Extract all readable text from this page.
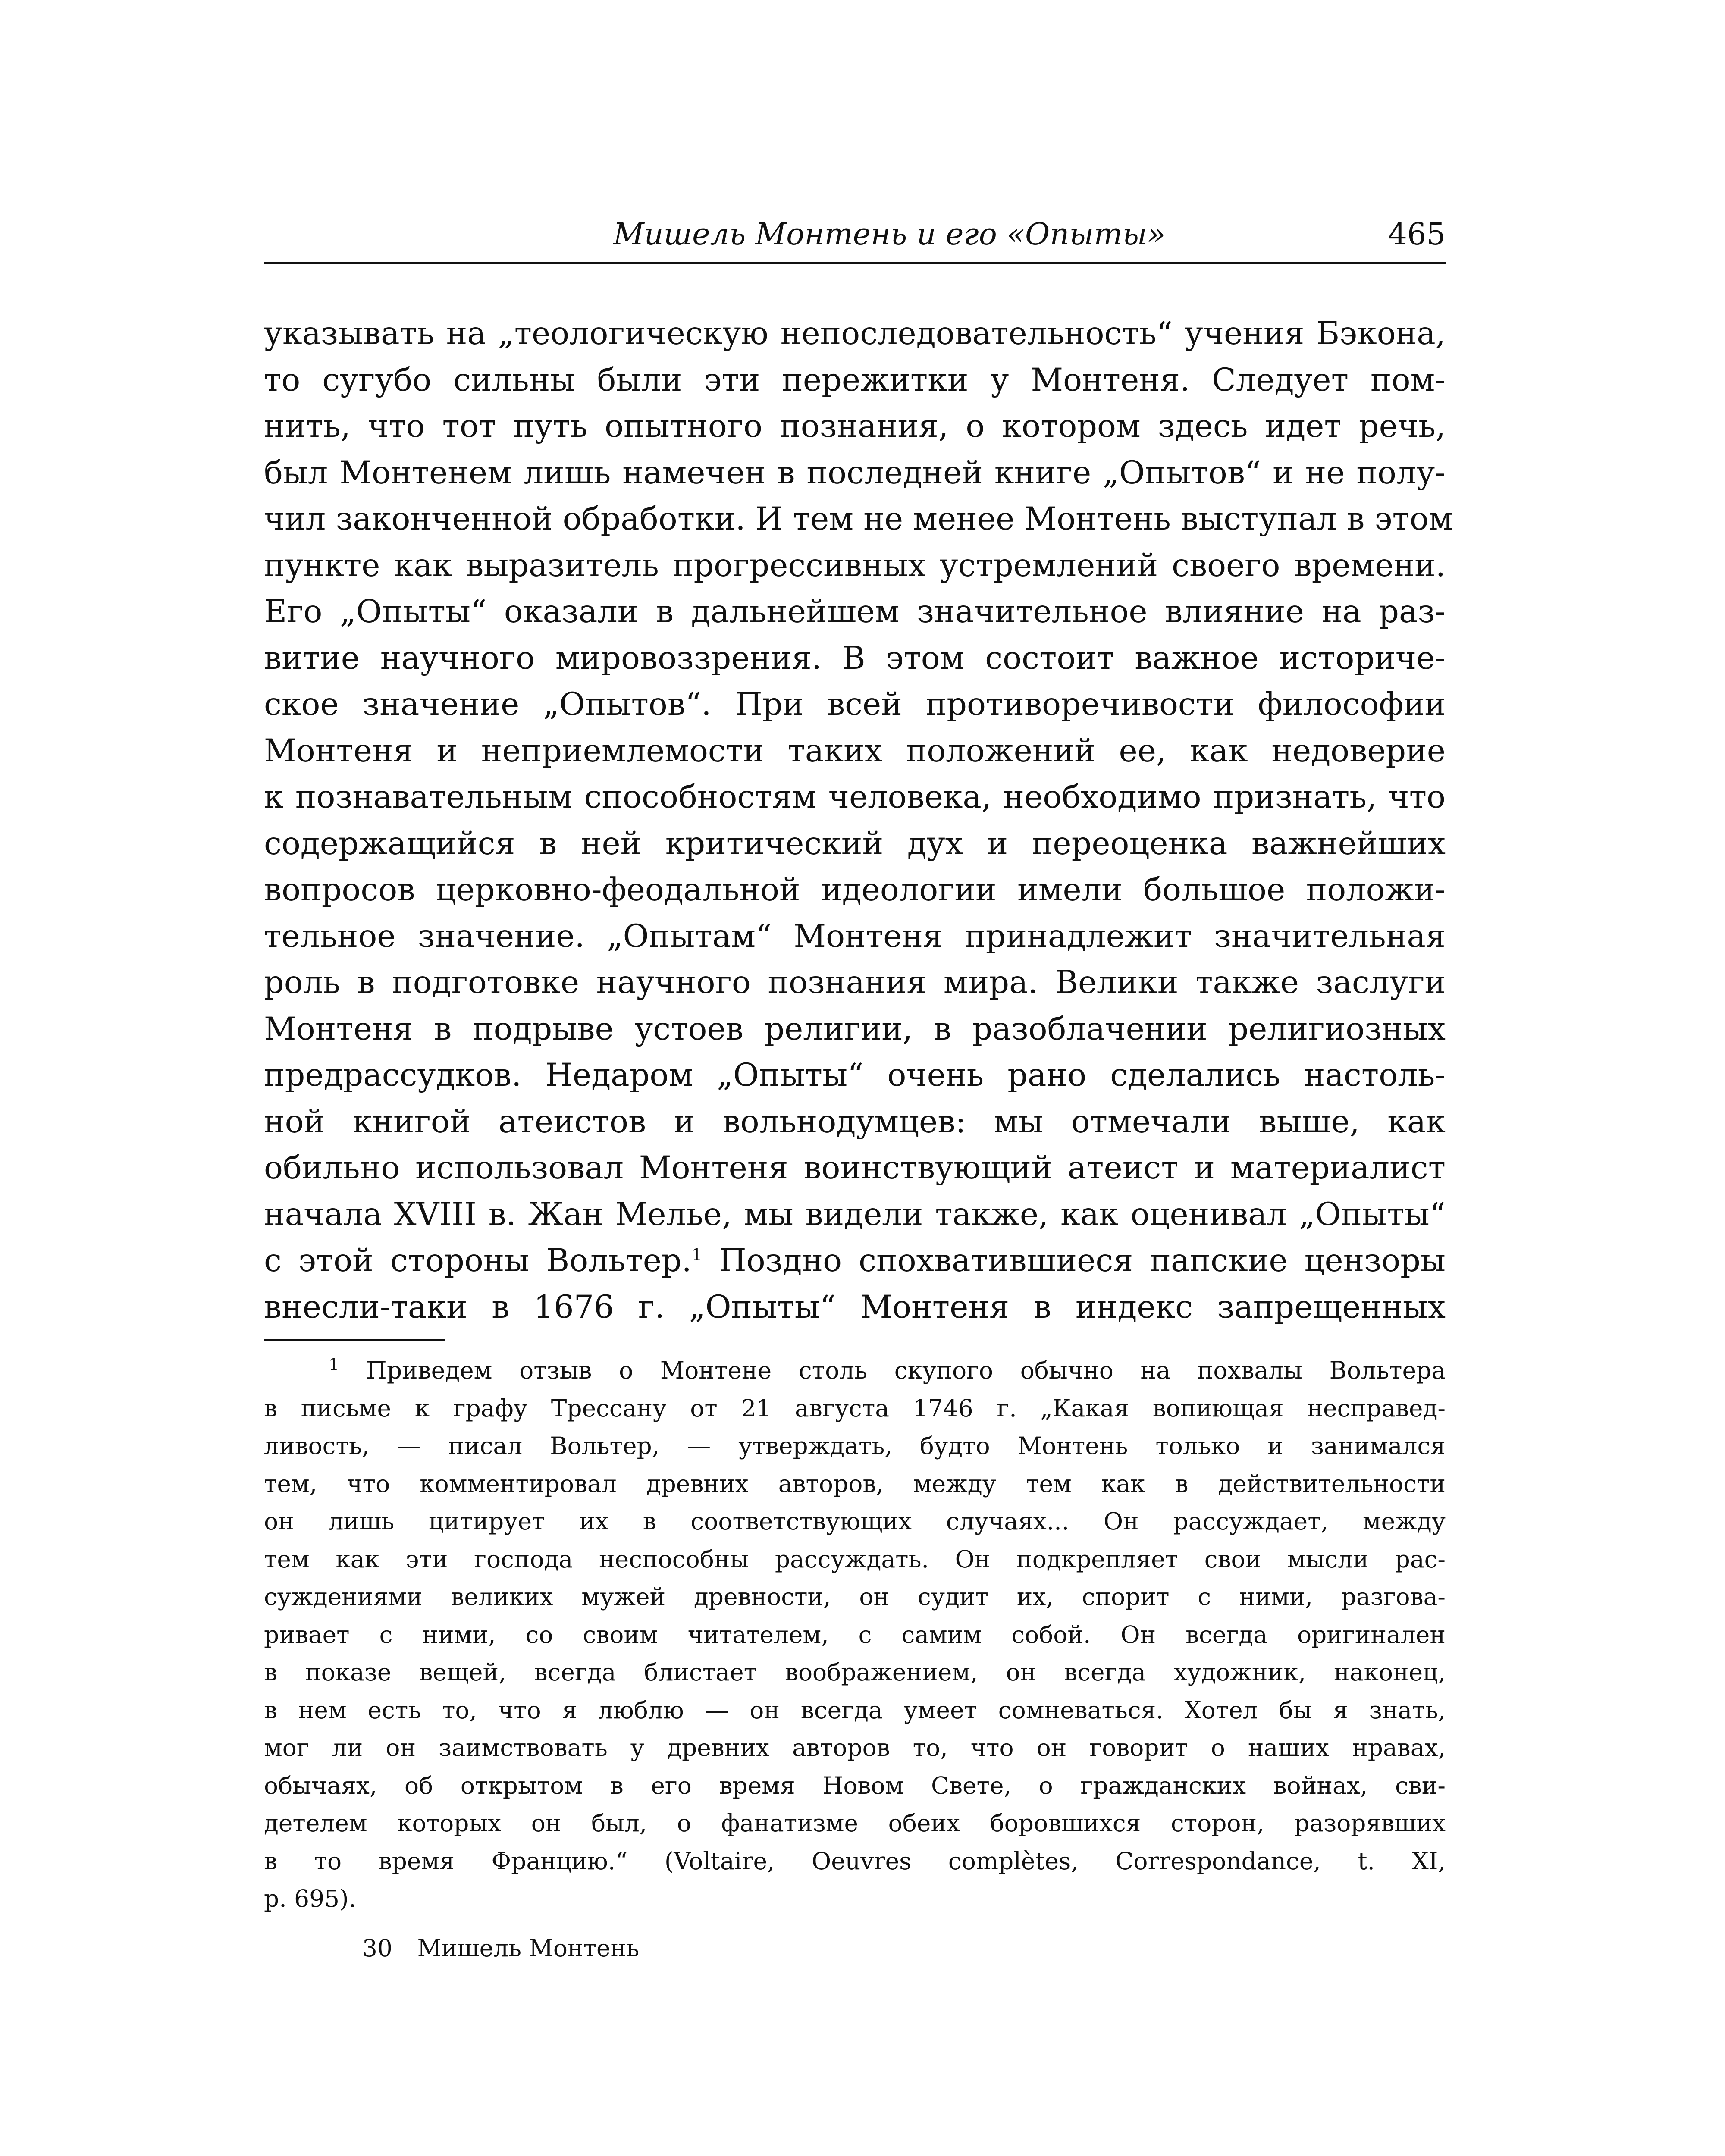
Мишель Монтень и его «Опыты»	465
указывать на „теологическую непоследовательность“ учения Бэкона,
то сугубо сильны были эти пережитки у Монтеня. Следует пом-
нить, что тот путь опытного познания, о котором здесь идет речь,
был Монтенем лишь намечен в последней книге „Опытов“ и не полу-
чил законченной обработки. И тем не менее Монтень выступал в этом
пункте как выразитель прогрессивных устремлений своего времени.
Его „Опыты“ оказали в дальнейшем значительное влияние на раз-
витие научного мировоззрения. В этом состоит важное историче-
ское значение „Опытов“. При всей противоречивости философии
Монтеня и неприемлемости таких положений ее, как недоверие
к познавательным способностям человека, необходимо признать, что
содержащийся в ней критический дух и переоценка важнейших
вопросов церковно-феодальной идеологии имели большое положи-
тельное значение. „Опытам“ Монтеня принадлежит значительная
роль в подготовке научного познания мира. Велики также заслуги
Монтеня в подрыве устоев религии, в разоблачении религиозных
предрассудков. Недаром „Опыты“ очень рано сделались настоль-
ной книгой атеистов и вольнодумцев: мы отмечали выше, как
обильно использовал Монтеня воинствующий атеист и материалист
начала XVIII в. Жан Мелье, мы видели также, как оценивал „Опыты“
с этой стороны Вольтер.$^1$ Поздно спохватившиеся папские цензоры
внесли-таки в 1676 г. „Опыты“ Монтеня в индекс запрещенных
$^1$ Приведем отзыв о Монтене столь скупого обычно на похвалы Вольтера
в письме к графу Трессану от 21 августа 1746 г. „Какая вопиющая несправед-
ливость, — писал Вольтер, — утверждать, будто Монтень только и занимался
тем, что комментировал древних авторов, между тем как в действительности
он лишь цитирует их в соответствующих случаях... Он рассуждает, между
тем как эти господа неспособны рассуждать. Он подкрепляет свои мысли рас-
суждениями великих мужей древности, он судит их, спорит с ними, разгова-
ривает с ними, со своим читателем, с самим собой. Он всегда оригинален
в показе вещей, всегда блистает воображением, он всегда художник, наконец,
в нем есть то, что я люблю — он всегда умеет сомневаться. Хотел бы я знать,
мог ли он заимствовать у древних авторов то, что он говорит о наших нравах,
обычаях, об открытом в его время Новом Свете, о гражданских войнах, сви-
детелем которых он был, о фанатизме обеих боровшихся сторон, разорявших
в то время Францию.“ (Voltaire, Oeuvres complètes, Correspondance, t. XI,
p. 695).
30 Мишель Монтень
